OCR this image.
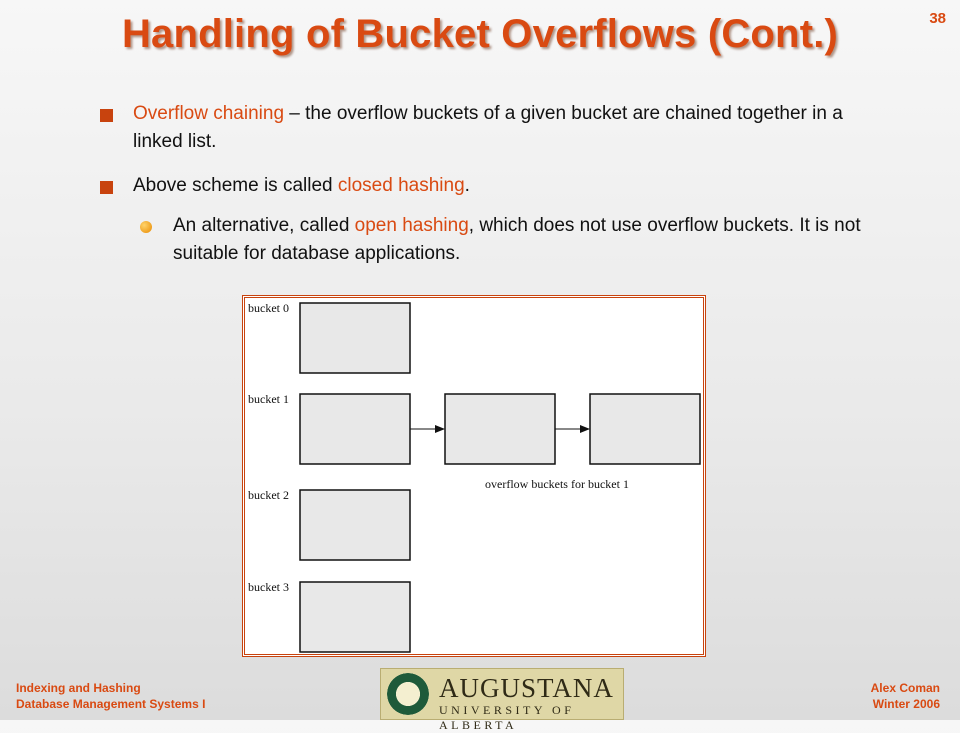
Handling of Bucket Overflows (Cont.)	38
Overflow chaining – the overflow buckets of a given bucket are chained together in a linked list.
Above scheme is called closed hashing.
An alternative, called open hashing, which does not use overflow buckets. It is not suitable for database applications.
bucket 0
bucket 1
overflow buckets for bucket 1
bucket 2
bucket 3
Indexing and Hashing
Database Management Systems I
AUGUSTANA
UNIVERSITY OF ALBERTA
Alex Coman
Winter 2006
